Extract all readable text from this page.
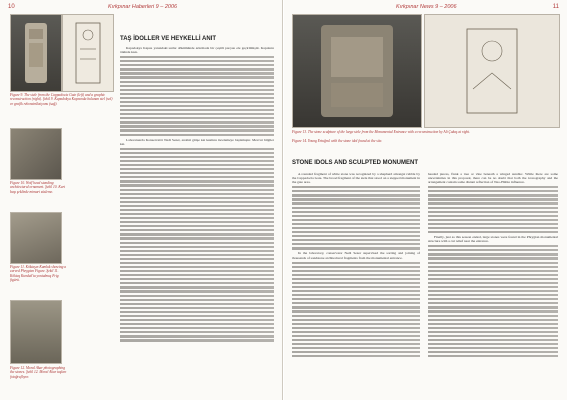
10	Kırkpınar Haberleri 9 – 2006
Figure 9. The stele from the Cappadocia Gate (left) and a graphic reconstruction (right). Şekil 9. Kapadokya Kapısında bulunan stel (sol) ve grafik rekonstrüksiyonu (sağ).
Figure 10. Wolf head standing architectural ornament. Şekil 10. Kurt başı şeklinde mimari süsleme.
Figure 11. Köktaşın Kumluk showing a carved Phrygian Figure. Şekil 11. Köktaş Kumluk'ta yontulmuş Frig figürü.
Figure 12. Moral Akar photographing the stones. Şekil 12. Moral Akar taşları fotoğraflıyor.
TAŞ İDOLLER VE HEYKELLİ ANIT

Kapadokya Kapısı yanındaki surlar dökümünde artırmada bir çeşitli parçası ele geçirilmiştir. Kapıların önünde kazı.

Laboratuarda Konservatör Nedi Sezer, analizi girişe kat kısmını incelemeye başlamıştır. Mevcut bilgiler kat.

Kırkpınar News 9 – 2006	11
Figure 13. The stone sculpture of the large stele from the Monumental Entrance with a reconstruction by Ali Çukaş at right.
Figure 14. Young Ertuğrul with the stone idol found at the site.
STONE IDOLS AND SCULPTED MONUMENT

A rounded fragment of white stone was recognized by a shepherd amongst rubble by the Cappadocia Gate. The broad fragment of the stele that stood on a stepped monument in the gate area.

In the laboratory, conservator Nedi Sezer supervised the sorting and joining of thousands of sandstone architectural fragments from the monumental entrance.

headed pieces, flank a tree or vine beneath a winged sundisc. While there are some uncertainties in this proposal, there can be no doubt that both the iconography and the arrangement contain some distant reflection of Neo-Hittite influence.

Finally, just as this season ended, large stones were found in the Phrygian monumental structure with a cut relief near the entrance.
